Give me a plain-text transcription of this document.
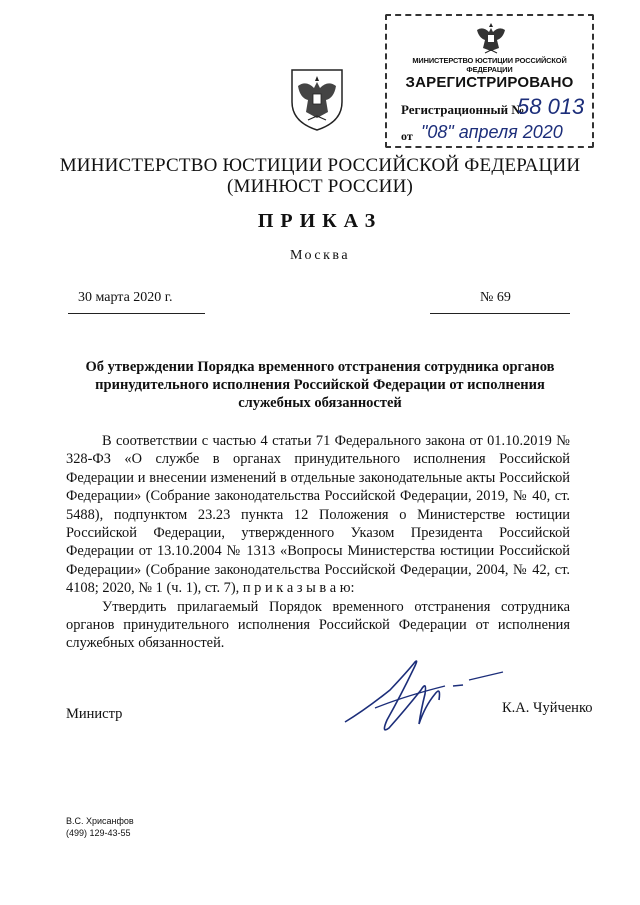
МИНИСТЕРСТВО ЮСТИЦИИ РОССИЙСКОЙ ФЕДЕРАЦИИ
ЗАРЕГИСТРИРОВАНО
Регистрационный №
58 013
от "08" апреля 2020
МИНИСТЕРСТВО ЮСТИЦИИ РОССИЙСКОЙ ФЕДЕРАЦИИ
(МИНЮСТ РОССИИ)
ПРИКАЗ
Москва
30 марта 2020 г.	№ 69
Об утверждении Порядка временного отстранения сотрудника органов принудительного исполнения Российской Федерации от исполнения служебных обязанностей

В соответствии с частью 4 статьи 71 Федерального закона от 01.10.2019 № 328-ФЗ «О службе в органах принудительного исполнения Российской Федерации и внесении изменений в отдельные законодательные акты Российской Федерации» (Собрание законодательства Российской Федерации, 2019, № 40, ст. 5488), подпунктом 23.23 пункта 12 Положения о Министерстве юстиции Российской Федерации, утвержденного Указом Президента Российской Федерации от 13.10.2004 № 1313 «Вопросы Министерства юстиции Российской Федерации» (Собрание законодательства Российской Федерации, 2004, № 42, ст. 4108; 2020, № 1 (ч. 1), ст. 7), п р и к а з ы в а ю:

Утвердить прилагаемый Порядок временного отстранения сотрудника органов принудительного исполнения Российской Федерации от исполнения служебных обязанностей.

Министр	К.А. Чуйченко
В.С. Хрисанфов
(499) 129-43-55
